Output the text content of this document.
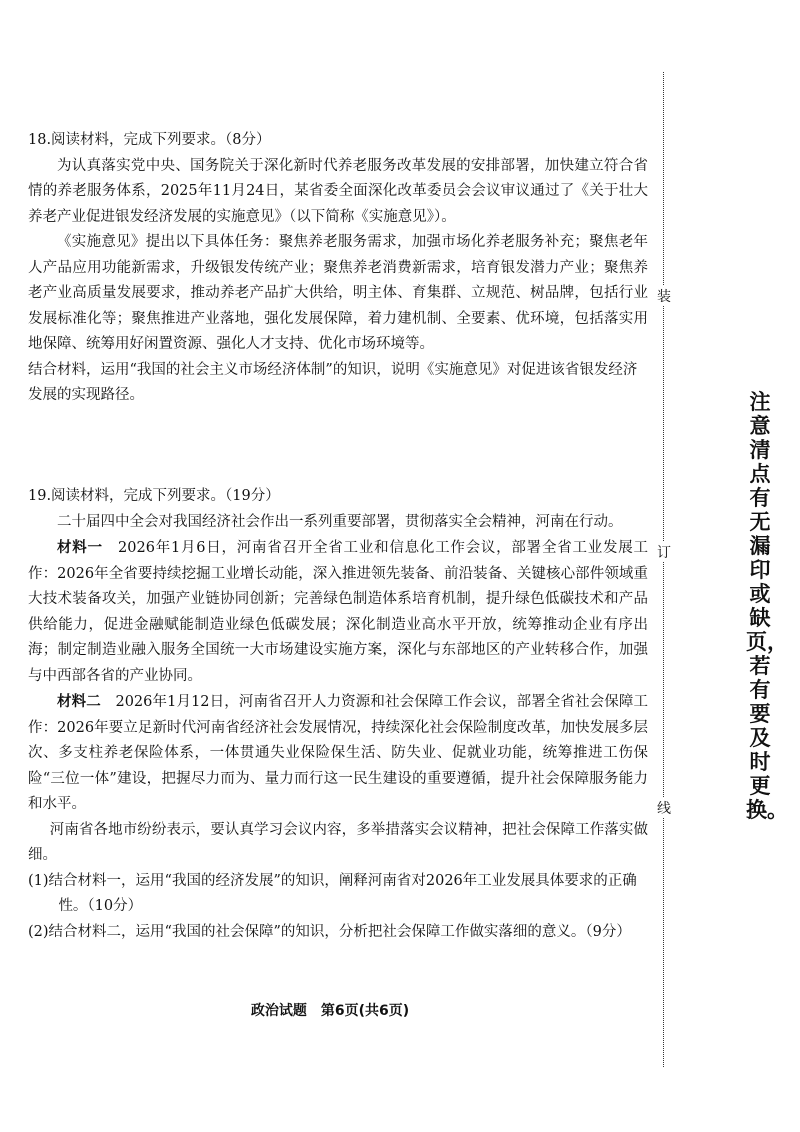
18.阅读材料，完成下列要求。（8分）

为认真落实党中央、国务院关于深化新时代养老服务改革发展的安排部署，加快建立符合省情的养老服务体系，2025年11月24日，某省委全面深化改革委员会会议审议通过了《关于壮大养老产业促进银发经济发展的实施意见》（以下简称《实施意见》）。

《实施意见》提出以下具体任务：聚焦养老服务需求，加强市场化养老服务补充；聚焦老年人产品应用功能新需求，升级银发传统产业；聚焦养老消费新需求，培育银发潜力产业；聚焦养老产业高质量发展要求，推动养老产品扩大供给，明主体、育集群、立规范、树品牌，包括行业发展标准化等；聚焦推进产业落地，强化发展保障，着力建机制、全要素、优环境，包括落实用地保障、统筹用好闲置资源、强化人才支持、优化市场环境等。

结合材料，运用“我国的社会主义市场经济体制”的知识，说明《实施意见》对促进该省银发经济发展的实现路径。

19.阅读材料，完成下列要求。（19分）

二十届四中全会对我国经济社会作出一系列重要部署，贯彻落实全会精神，河南在行动。

材料一　2026年1月6日，河南省召开全省工业和信息化工作会议，部署全省工业发展工作：2026年全省要持续挖掘工业增长动能，深入推进领先装备、前沿装备、关键核心部件领域重大技术装备攻关，加强产业链协同创新；完善绿色制造体系培育机制，提升绿色低碳技术和产品供给能力，促进金融赋能制造业绿色低碳发展；深化制造业高水平开放，统筹推动企业有序出海；制定制造业融入服务全国统一大市场建设实施方案，深化与东部地区的产业转移合作，加强与中西部各省的产业协同。

材料二　2026年1月12日，河南省召开人力资源和社会保障工作会议，部署全省社会保障工作：2026年要立足新时代河南省经济社会发展情况，持续深化社会保险制度改革，加快发展多层次、多支柱养老保险体系，一体贯通失业保险保生活、防失业、促就业功能，统筹推进工伤保险“三位一体”建设，把握尽力而为、量力而行这一民生建设的重要遵循，提升社会保障服务能力和水平。

河南省各地市纷纷表示，要认真学习会议内容，多举措落实会议精神，把社会保障工作落实做细。

(1)结合材料一，运用“我国的经济发展”的知识，阐释河南省对2026年工业发展具体要求的正确性。（10分）

(2)结合材料二，运用“我国的社会保障”的知识，分析把社会保障工作做实落细的意义。（9分）

政治试题　第6页(共6页)
装
订
线
注意清点有无漏印或缺页，若有要及时更换。
